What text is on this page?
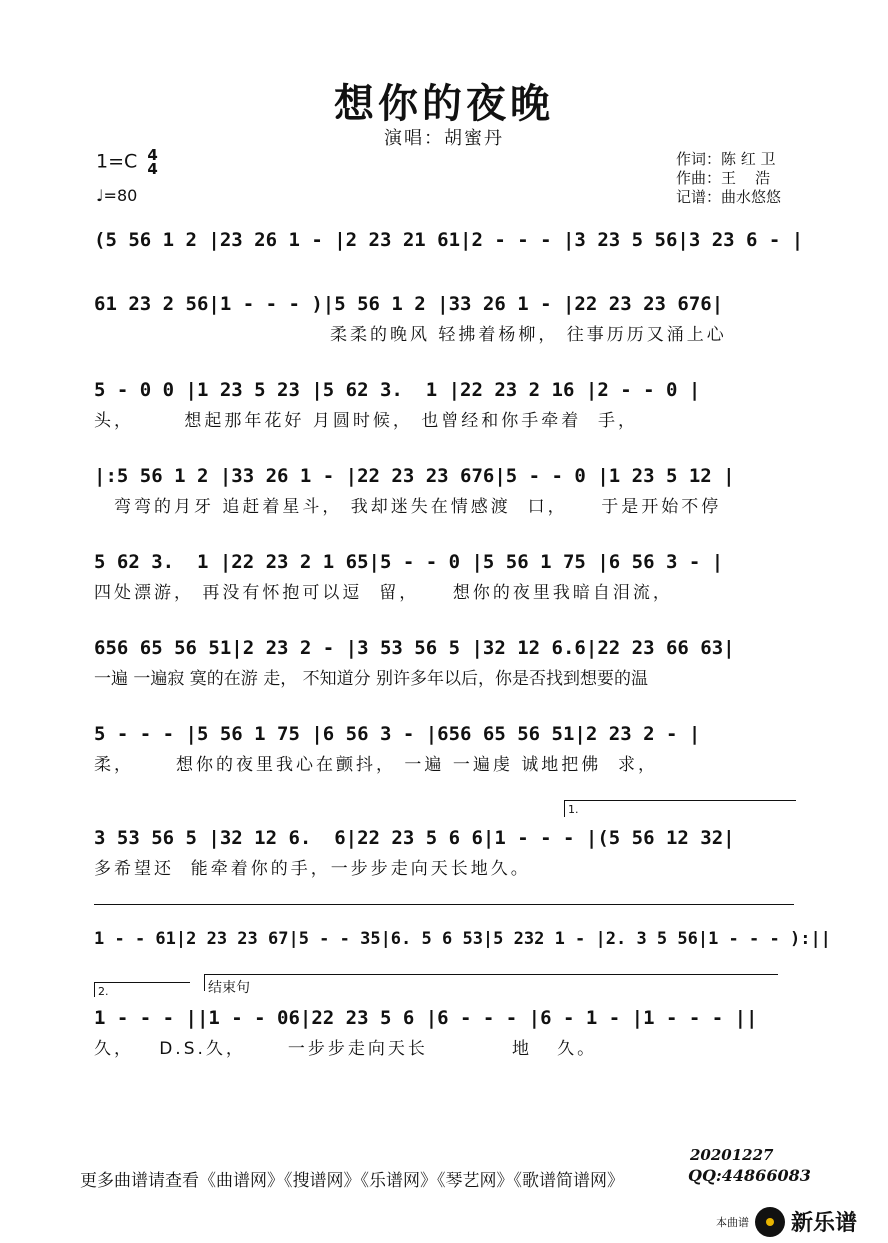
想你的夜晚
演唱：胡蜜丹
1=C 4
4
♩=80
作词：陈 红 卫
作曲：王    浩
记谱：曲水悠悠
(5 56 1 2 |23 26 1 - |2 23 21 61|2 - - - |3 23 5 56|3 23 6 - |
61 23 2 56|1 - - - )|5 56 1 2 |33 26 1 - |22 23 23 676|
柔柔的晚风 轻拂着杨柳， 往事历历又涌上心
5 - 0 0 |1 23 5 23 |5 62 3.  1 |22 23 2 16 |2 - - 0 |
头，      想起那年花好 月圆时候， 也曾经和你手牵着  手，
|:5 56 1 2 |33 26 1 - |22 23 23 676|5 - - 0 |1 23 5 12 |
弯弯的月牙 追赶着星斗， 我却迷失在情感渡  口，    于是开始不停
5 62 3.  1 |22 23 2 1 65|5 - - 0 |5 56 1 75 |6 56 3 - |
四处漂游， 再没有怀抱可以逗  留，    想你的夜里我暗自泪流，
656 65 56 51|2 23 2 - |3 53 56 5 |32 12 6.6|22 23 66 63|
一遍 一遍寂 寞的在游 走， 不知道分 别许多年以后，你是否找到想要的温
5 - - - |5 56 1 75 |6 56 3 - |656 65 56 51|2 23 2 - |
柔，     想你的夜里我心在颤抖， 一遍 一遍虔 诚地把佛  求，
1.
3 53 56 5 |32 12 6.  6|22 23 5 6 6|1 - - - |(5 56 12 32|
多希望还  能牵着你的手，一步步走向天长地久。
1 - - 61|2 23 23 67|5 - - 35|6. 5 6 53|5 232 1 - |2. 3 5 56|1 - - - ):||
2.	结束句
1 - - - ||1 - - 06|22 23 5 6 |6 - - - |6 - 1 - |1 - - - ||
久，   D.S.久，     一步步走向天长          地   久。
20201227
更多曲谱请查看《曲谱网》《搜谱网》《乐谱网》《琴艺网》《歌谱简谱网》	QQ:44866083
本曲谱 新乐谱
